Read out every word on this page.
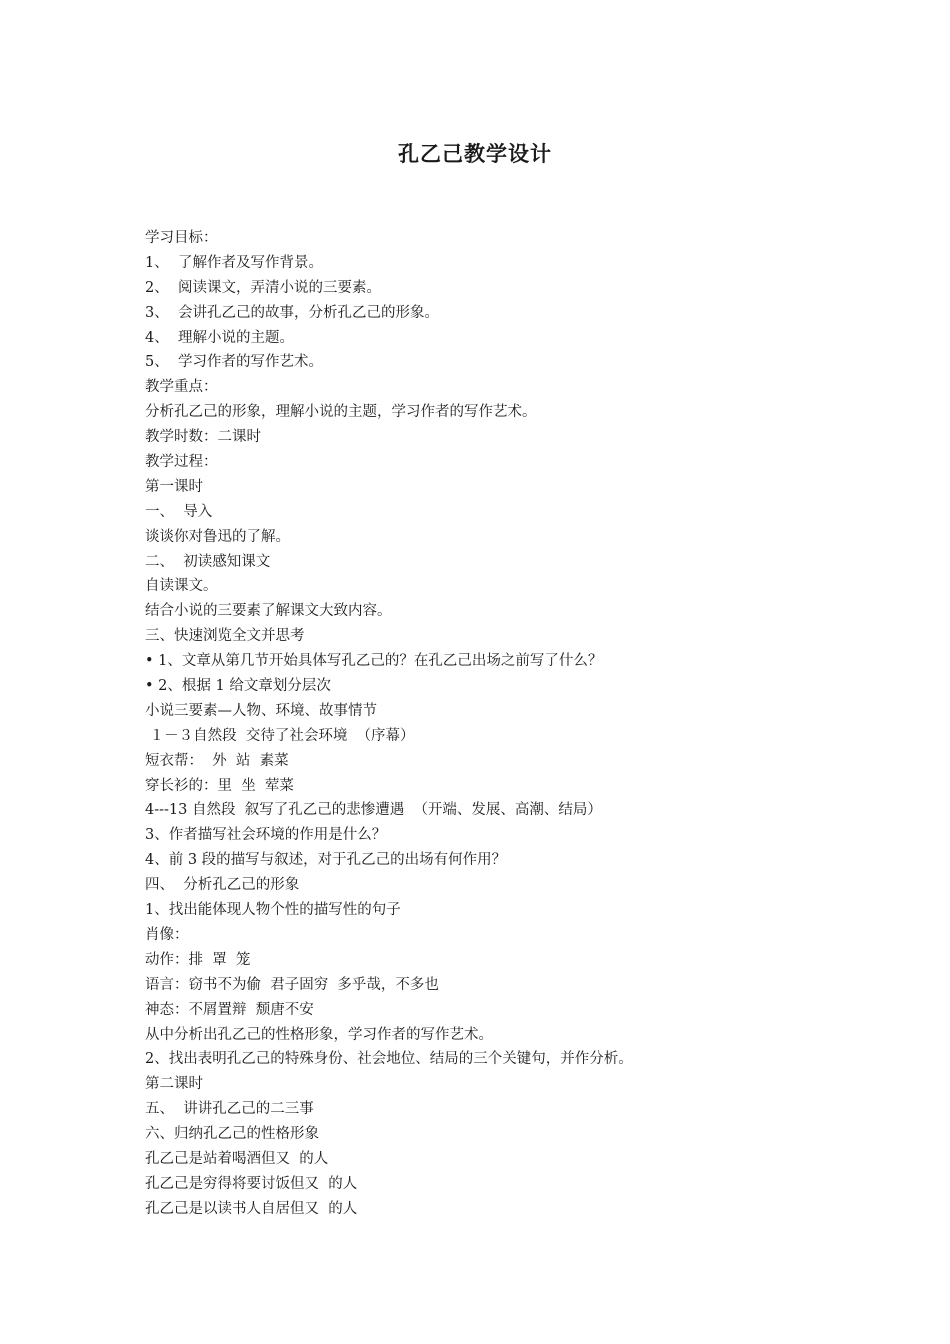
孔乙己教学设计
学习目标：
1、  了解作者及写作背景。
2、  阅读课文，弄清小说的三要素。
3、  会讲孔乙己的故事，分析孔乙己的形象。
4、  理解小说的主题。
5、  学习作者的写作艺术。
教学重点：
分析孔乙己的形象，理解小说的主题，学习作者的写作艺术。
教学时数：二课时
教学过程：
第一课时
一、  导入
谈谈你对鲁迅的了解。
二、  初读感知课文
自读课文。
结合小说的三要素了解课文大致内容。
三、快速浏览全文并思考
• 1、文章从第几节开始具体写孔乙己的？在孔乙己出场之前写了什么？
• 2、根据 1 给文章划分层次
小说三要素—人物、环境、故事情节
１－３自然段  交待了社会环境  （序幕）
短衣帮：  外  站  素菜
穿长衫的：里  坐  荤菜
4---13 自然段  叙写了孔乙己的悲惨遭遇  （开端、发展、高潮、结局）
3、作者描写社会环境的作用是什么？
4、前 3 段的描写与叙述，对于孔乙己的出场有何作用？
四、  分析孔乙己的形象
1、找出能体现人物个性的描写性的句子
肖像：
动作：排  罩  笼
语言：窃书不为偷  君子固穷  多乎哉，不多也
神态：不屑置辩  颓唐不安
从中分析出孔乙己的性格形象，学习作者的写作艺术。
2、找出表明孔乙己的特殊身份、社会地位、结局的三个关键句，并作分析。
第二课时
五、  讲讲孔乙己的二三事
六、归纳孔乙己的性格形象
孔乙己是站着喝酒但又  的人
孔乙己是穷得将要讨饭但又  的人
孔乙己是以读书人自居但又  的人
